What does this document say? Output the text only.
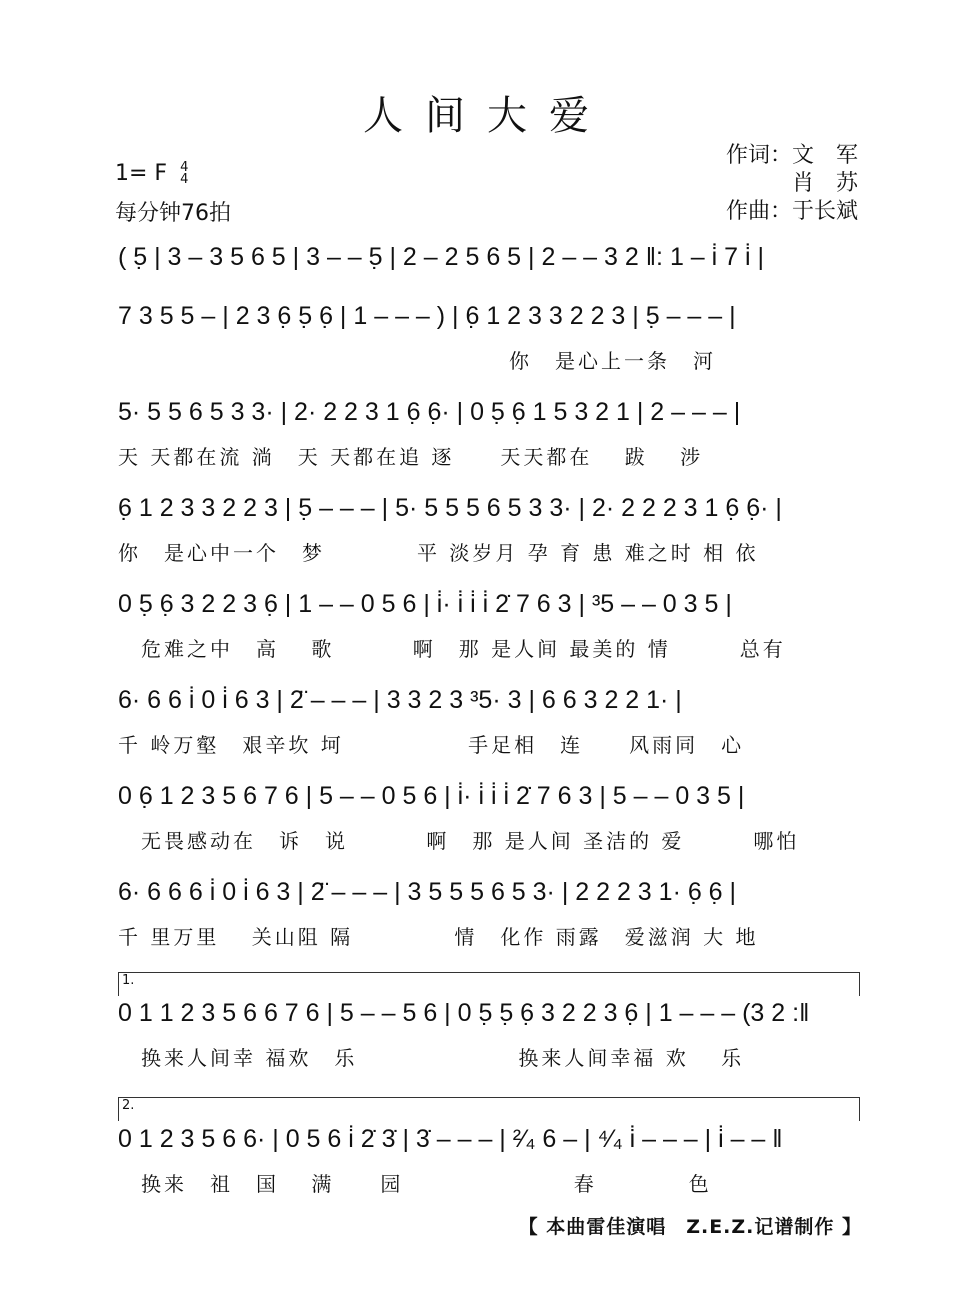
人间大爱
1= F 4
4
每分钟76拍
作词：文　军
肖　苏
作曲：于长斌
( 5̣ | 3 – 3 5 6 5 | 3 – – 5̣ | 2 – 2 5 6 5 | 2 – – 3 2 ‖: 1 – i̇ 7 i̇ |
7 3 5 5 – | 2 3 6̣ 5̣ 6̣ | 1 – – – ) | 6̣ 1 2 3 3 2 2 3 | 5̣ – – – |
　　　　　　　　　　　　　　　　　你　是心上一条　河
5· 5 5 6 5 3 3· | 2· 2 2 3 1 6̣ 6̣· | 0 5̣ 6̣ 1 5 3 2 1 | 2 – – – |
天 天都在流 淌　天 天都在追 逐　　天天都在　 跋　 涉
6̣ 1 2 3 3 2 2 3 | 5̣ – – – | 5· 5 5 5 6 5 3 3· | 2· 2 2 2 3 1 6̣ 6̣· |
你　是心中一个　梦　　　　平 淡岁月 孕 育 患 难之时 相 依
0 5̣ 6̣ 3 2 2 3 6̣ | 1 – – 0 5 6 | i̇· i̇ i̇ i̇ 2̇ 7 6 3 | ³5 – – 0 3 5 |
　危难之中　高　 歌　　　 啊　那 是人间 最美的 情　　　总有
6· 6 6 i̇ 0 i̇ 6 3 | 2̈ – – – | 3 3 2 3 ³5· 3 | 6 6 3 2 2 1· |
千 岭万壑　艰辛坎 坷　　　　　 手足相　连　　风雨同　心
0 6̣ 1 2 3 5 6 7 6 | 5 – – 0 5 6 | i̇· i̇ i̇ i̇ 2̇ 7 6 3 | 5 – – 0 3 5 |
　无畏感动在　诉　说　　　 啊　那 是人间 圣洁的 爱　　　哪怕
6· 6 6 6 i̇ 0 i̇ 6 3 | 2̈ – – – | 3 5 5 5 6 5 3· | 2 2 2 3 1· 6̣ 6̣ |
千 里万里　 关山阻 隔　　　　 情　化作 雨露　爱滋润 大 地
1.
0 1 1 2 3 5 6 6 7 6 | 5 – – 5 6 | 0 5̣ 5̣ 6̣ 3 2 2 3 6̣ | 1 – – – (3 2 :‖
　换来人间幸 福欢　乐　　　　　　　换来人间幸福 欢　 乐
2.
0 1 2 3 5 6 6· | 0 5 6 i̇ 2̇ 3̇ | 3̇ – – – | ²⁄₄ 6 – | ⁴⁄₄ i̇ – – – | i̇ – – ‖
　换来　祖　国　 满　　园　　　　　　　 春　　　　色
【 本曲雷佳演唱　Z.E.Z.记谱制作 】
